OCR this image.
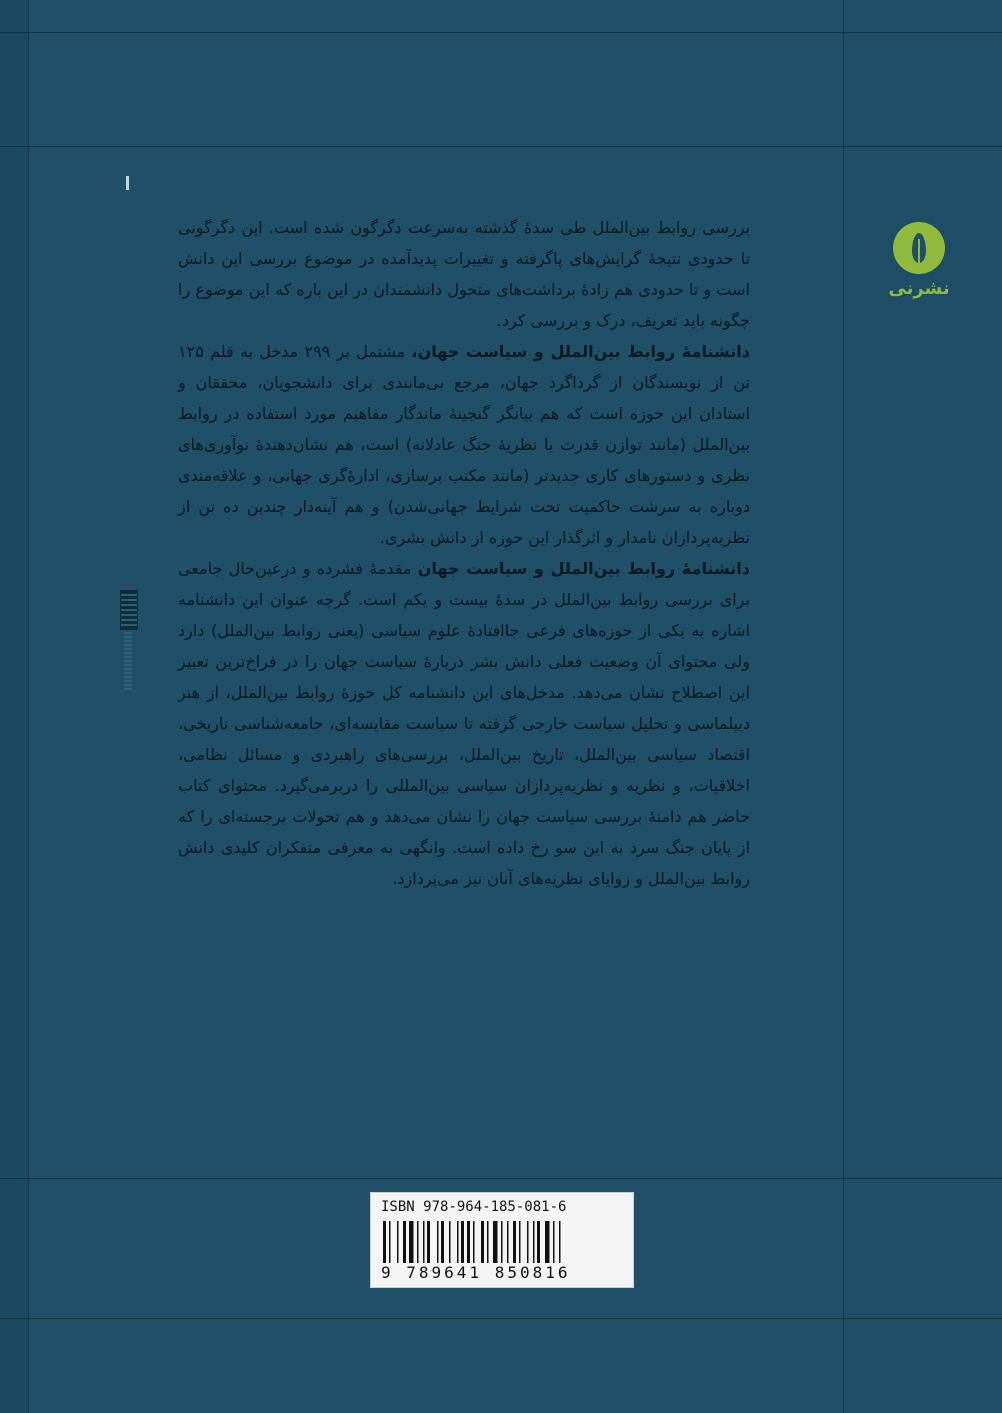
نشرنی

بررسی روابط بین‌الملل طی سدهٔ گذشته به‌سرعت دگرگون شده است. این دگرگونی تا حدودی نتیجهٔ گرایش‌های پاگرفته و تغییرات پدیدآمده در موضوع بررسی این دانش است و تا حدودی هم زادهٔ برداشت‌های متحول دانشمندان در این باره که این موضوع را چگونه باید تعریف، درک و بررسی کرد.

دانشنامهٔ روابط بین‌الملل و سیاست جهان، مشتمل بر ۲۹۹ مدخل به قلم ۱۲۵ تن از نویسندگان از گرداگرد جهان، مرجع بی‌مانندی برای دانشجویان، محققان و استادان این حوزه است که هم بیانگر گنجینهٔ ماندگار مفاهیم مورد استفاده در روابط بین‌الملل (مانند توازن قدرت یا نظریهٔ جنگ عادلانه) است، هم نشان‌دهندهٔ نوآوری‌های نظری و دستورهای کاری جدیدتر (مانند مکتب برسازی، ادارهٔ‌گری جهانی، و علاقه‌مندی دوباره به سرشت حاکمیت تحت شرایط جهانی‌شدن) و هم آینه‌دار چندین ده تن از نظریه‌پردازان نامدار و اثرگذار این حوزه از دانش بشری.

دانشنامهٔ روابط بین‌الملل و سیاست جهان مقدمهٔ فشرده و درعین‌حال جامعی برای بررسی روابط بین‌الملل در سدهٔ بیست و یکم است. گرچه عنوان این دانشنامه اشاره به یکی از حوزه‌های فرعی جاافتادهٔ علوم سیاسی (یعنی روابط بین‌الملل) دارد ولی محتوای آن وضعیت فعلی دانش بشر دربارهٔ سیاست جهان را در فراخ‌ترین تعبیر این اصطلاح نشان می‌دهد. مدخل‌های این دانشنامه کل حوزهٔ روابط بین‌الملل، از هنر دیپلماسی و تحلیل سیاست خارجی گرفته تا سیاست مقایسه‌ای، جامعه‌شناسی تاریخی، اقتصاد سیاسی بین‌الملل، تاریخ بین‌الملل، بررسی‌های راهبردی و مسائل نظامی، اخلاقیات، و نظریه و نظریه‌پردازان سیاسی بین‌المللی را دربرمی‌گیرد. محتوای کتاب حاضر هم دامنهٔ بررسی سیاست جهان را نشان می‌دهد و هم تحولات برجسته‌ای را که از پایان جنگ سرد به این سو رخ داده است. وانگهی به معرفی متفکران کلیدی دانش روابط بین‌الملل و زوایای نظریه‌های آنان نیز می‌پردازد.

ISBN 978-964-185-081-6
9 789641 850816
